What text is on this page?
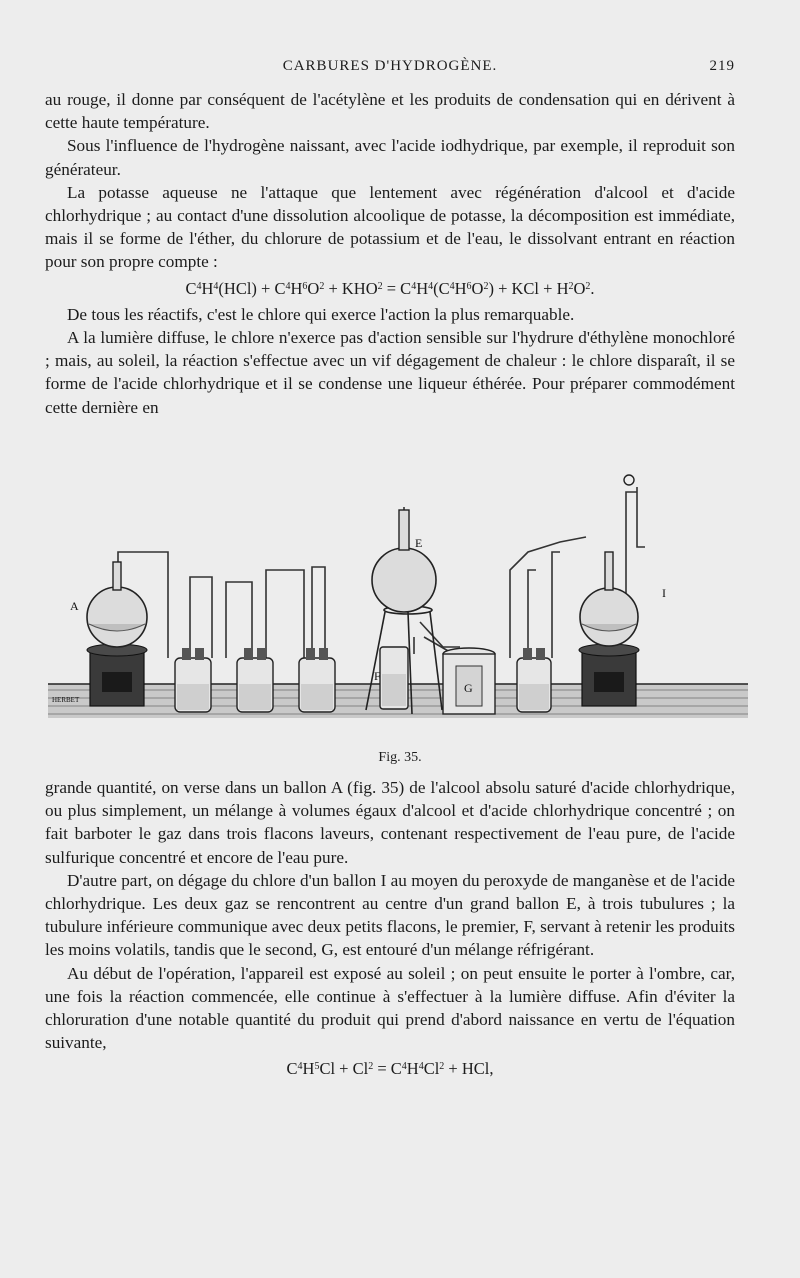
CARBURES D'HYDROGÈNE.	219

au rouge, il donne par conséquent de l'acétylène et les produits de condensation qui en dérivent à cette haute température.

Sous l'influence de l'hydrogène naissant, avec l'acide iodhydrique, par exemple, il reproduit son générateur.

La potasse aqueuse ne l'attaque que lentement avec régénération d'alcool et d'acide chlorhydrique ; au contact d'une dissolution alcoolique de potasse, la décomposition est immédiate, mais il se forme de l'éther, du chlorure de potassium et de l'eau, le dissolvant entrant en réaction pour son propre compte :

$C^4H^4(HCl) + C^4H^6O^2 + KHO^2 = C^4H^4(C^4H^6O^2)$ + KCl + $H^2O^2$.

De tous les réactifs, c'est le chlore qui exerce l'action la plus remarquable.

A la lumière diffuse, le chlore n'exerce pas d'action sensible sur l'hydrure d'éthylène monochloré ; mais, au soleil, la réaction s'effectue avec un vif dégagement de chaleur : le chlore disparaît, il se forme de l'acide chlorhydrique et il se condense une liqueur éthérée. Pour préparer commodément cette dernière en

A
E
F
G
I
HERBET
Fig. 35.

grande quantité, on verse dans un ballon A (fig. 35) de l'alcool absolu saturé d'acide chlorhydrique, ou plus simplement, un mélange à volumes égaux d'alcool et d'acide chlorhydrique concentré ; on fait barboter le gaz dans trois flacons laveurs, contenant respectivement de l'eau pure, de l'acide sulfurique concentré et encore de l'eau pure.

D'autre part, on dégage du chlore d'un ballon I au moyen du peroxyde de manganèse et de l'acide chlorhydrique. Les deux gaz se rencontrent au centre d'un grand ballon E, à trois tubulures ; la tubulure inférieure communique avec deux petits flacons, le premier, F, servant à retenir les produits les moins volatils, tandis que le second, G, est entouré d'un mélange réfrigérant.

Au début de l'opération, l'appareil est exposé au soleil ; on peut ensuite le porter à l'ombre, car, une fois la réaction commencée, elle continue à s'effectuer à la lumière diffuse. Afin d'éviter la chloruration d'une notable quantité du produit qui prend d'abord naissance en vertu de l'équation suivante,

$C^4H^5Cl + Cl^2 = C^4H^4Cl^2$ + HCl,
